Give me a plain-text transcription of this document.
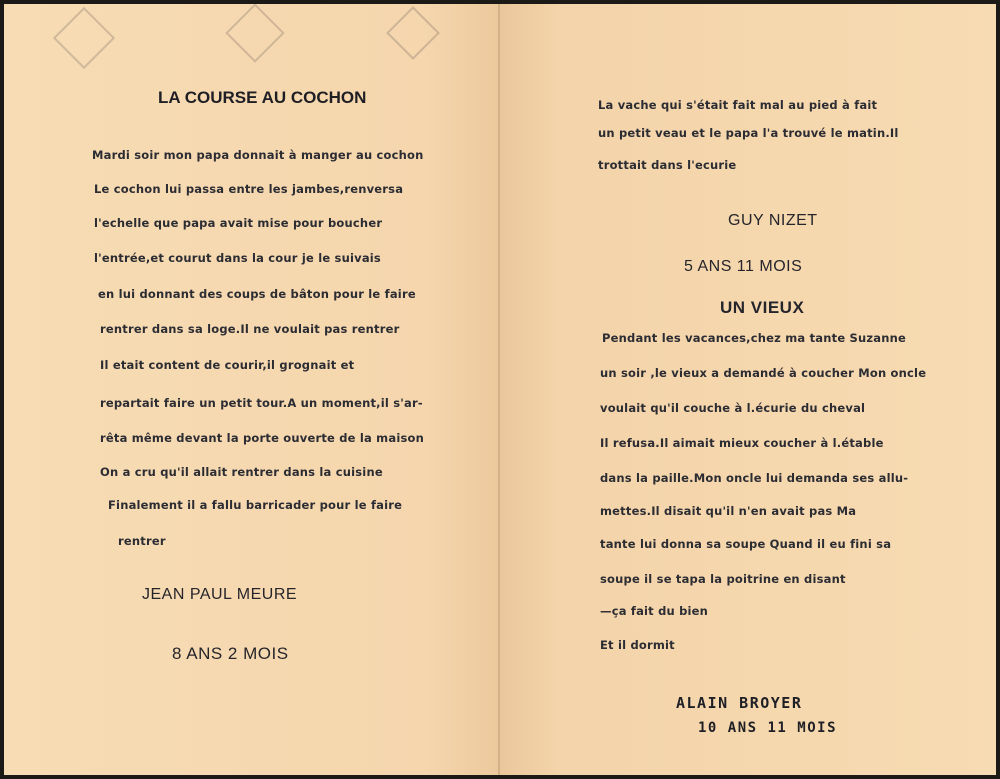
LA COURSE AU COCHON
Mardi soir mon papa donnait à manger au cochon
Le cochon lui passa entre les jambes,renversa
l'echelle que papa avait mise pour boucher
l'entrée,et courut dans la cour je le suivais
en lui donnant des coups de bâton pour le faire
rentrer dans sa loge.Il ne voulait pas rentrer
Il etait content de courir,il grognait et
repartait faire un petit tour.A un moment,il s'ar-
rêta même devant la porte ouverte de la maison
On a cru qu'il allait rentrer dans la cuisine
Finalement il a fallu barricader pour le faire
rentrer
JEAN PAUL MEURE
8 ANS 2 MOIS
La vache qui s'était fait mal au pied à fait
un petit veau et le papa l'a trouvé le matin.Il
trottait dans l'ecurie
GUY NIZET
5 ANS 11 MOIS
UN VIEUX
Pendant les vacances,chez ma tante Suzanne
un soir ,le vieux a demandé à coucher Mon oncle
voulait qu'il couche à l.écurie du cheval
Il refusa.Il aimait mieux coucher à l.étable
dans la paille.Mon oncle lui demanda ses allu-
mettes.Il disait qu'il n'en avait pas Ma
tante lui donna sa soupe Quand il eu fini sa
soupe il se tapa la poitrine en disant
—ça fait du bien
Et il dormit
ALAIN BROYER
10 ANS 11 MOIS
